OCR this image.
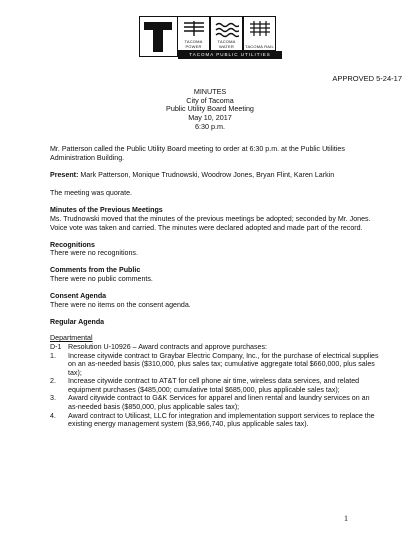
TACOMA POWER
TACOMA WATER	TACOMA RAIL
TACOMA PUBLIC UTILITIES
APPROVED 5-24-17
MINUTES
City of Tacoma
Public Utility Board Meeting
May 10, 2017
6:30 p.m.

Mr. Patterson called the Public Utility Board meeting to order at 6:30 p.m. at the Public Utilities Administration Building.

Present: Mark Patterson, Monique Trudnowski, Woodrow Jones, Bryan Flint, Karen Larkin

The meeting was quorate.

Minutes of the Previous Meetings
Ms. Trudnowski moved that the minutes of the previous meetings be adopted; seconded by Mr. Jones. Voice vote was taken and carried. The minutes were declared adopted and made part of the record.
Recognitions
There were no recognitions.
Comments from the Public
There were no public comments.
Consent Agenda
There were no items on the consent agenda.
Regular Agenda
Departmental
D-1 Resolution U-10926 – Award contracts and approve purchases:
1.	Increase citywide contract to Graybar Electric Company, Inc., for the purchase of electrical supplies on an as-needed basis ($310,000, plus sales tax; cumulative aggregate total $660,000, plus sales tax);
2.	Increase citywide contract to AT&T for cell phone air time, wireless data services, and related equipment purchases ($485,000; cumulative total $685,000, plus applicable sales tax);
3.	Award citywide contract to G&K Services for apparel and linen rental and laundry services on an as-needed basis ($850,000, plus applicable sales tax);
4.	Award contract to Utilicast, LLC for integration and implementation support services to replace the existing energy management system ($3,966,740, plus applicable sales tax).
1
